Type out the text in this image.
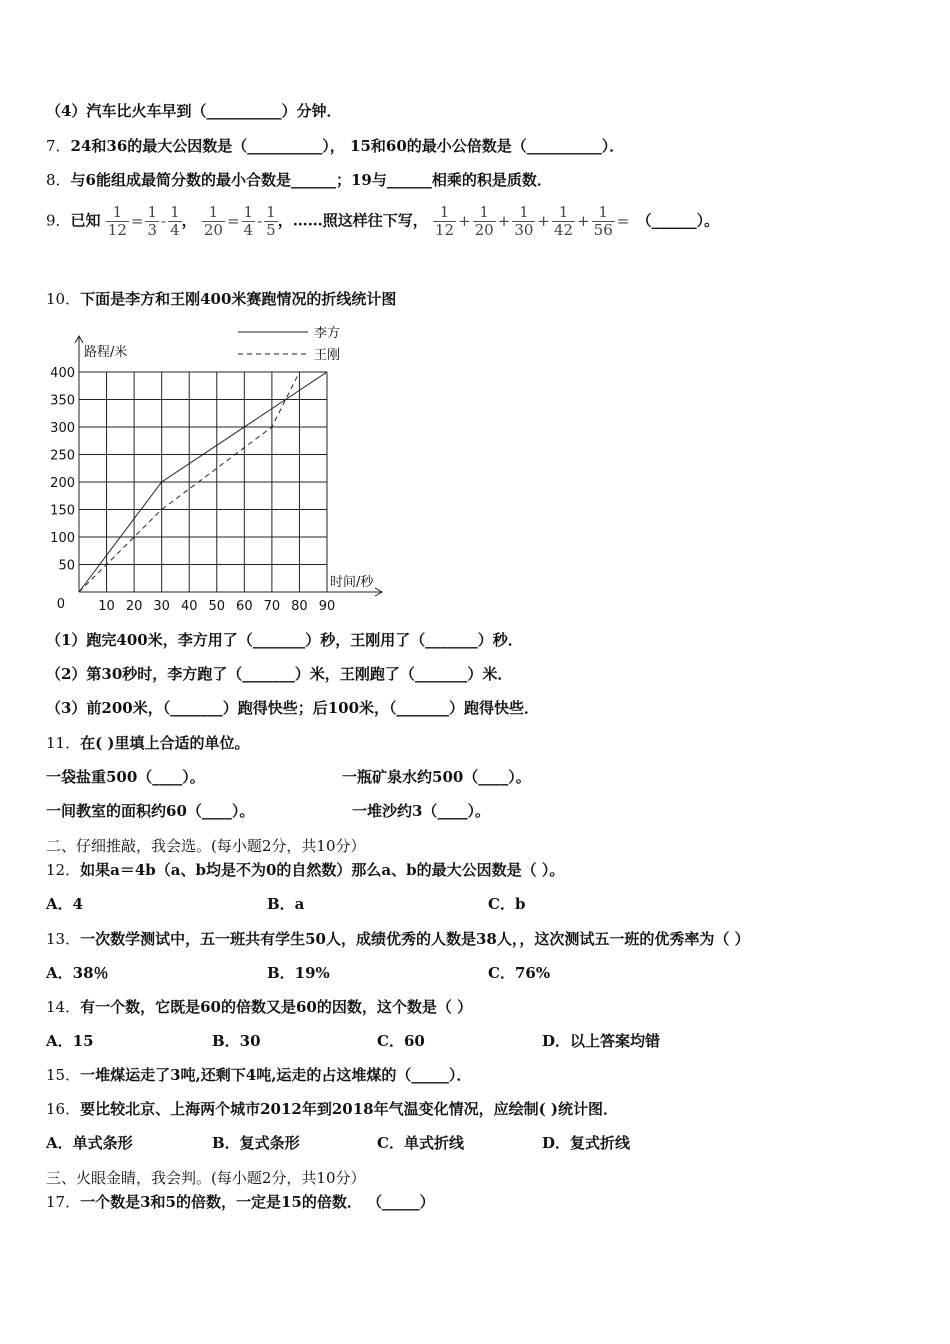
（4）汽车比火车早到（__________）分钟．
7．24和36的最大公因数是（__________）， 15和60的最小公倍数是（__________）．
8．与6能组成最简分数的最小合数是______；19与______相乘的积是质数．
9．已知 $\frac{1}{12} = \frac{1}{3} - \frac{1}{4}$ ， $\frac{1}{20} = \frac{1}{4} - \frac{1}{5}$ ，……照这样往下写， $\frac{1}{12} + \frac{1}{20} + \frac{1}{30} + \frac{1}{42} + \frac{1}{56}$ = （______）。
10．下面是李方和王刚400米赛跑情况的折线统计图
10 20 30 40 50 60 70 80 90
50
100
150
200
250
300
350
400
0
路程/米
时间/秒
李方
王刚
（1）跑完400米，李方用了（_______）秒，王刚用了（_______）秒．
（2）第30秒时，李方跑了（_______）米，王刚跑了（_______）米．
（3）前200米，（_______）跑得快些；后100米，（_______）跑得快些．
11．在( )里填上合适的单位。
一袋盐重500（____）。	一瓶矿泉水约500（____）。
一间教室的面积约60（____）。	一堆沙约3（____）。
二、仔细推敲，我会选。(每小题2分，共10分）
12．如果a＝4b（a、b均是不为0的自然数）那么a、b的最大公因数是（ ）。
A．4	B．a	C．b
13．一次数学测试中，五一班共有学生50人，成绩优秀的人数是38人，，这次测试五一班的优秀率为（ ）
A．38％	B．19%	C．76%
14．有一个数，它既是60的倍数又是60的因数，这个数是（ ）
A．15	B．30	C．60	D．以上答案均错
15．一堆煤运走了3吨,还剩下4吨,运走的占这堆煤的（_____）．
16．要比较北京、上海两个城市2012年到2018年气温变化情况，应绘制( )统计图．
A．单式条形	B．复式条形	C．单式折线	D．复式折线
三、火眼金睛，我会判。(每小题2分，共10分）
17．一个数是3和5的倍数，一定是15的倍数． （_____）
